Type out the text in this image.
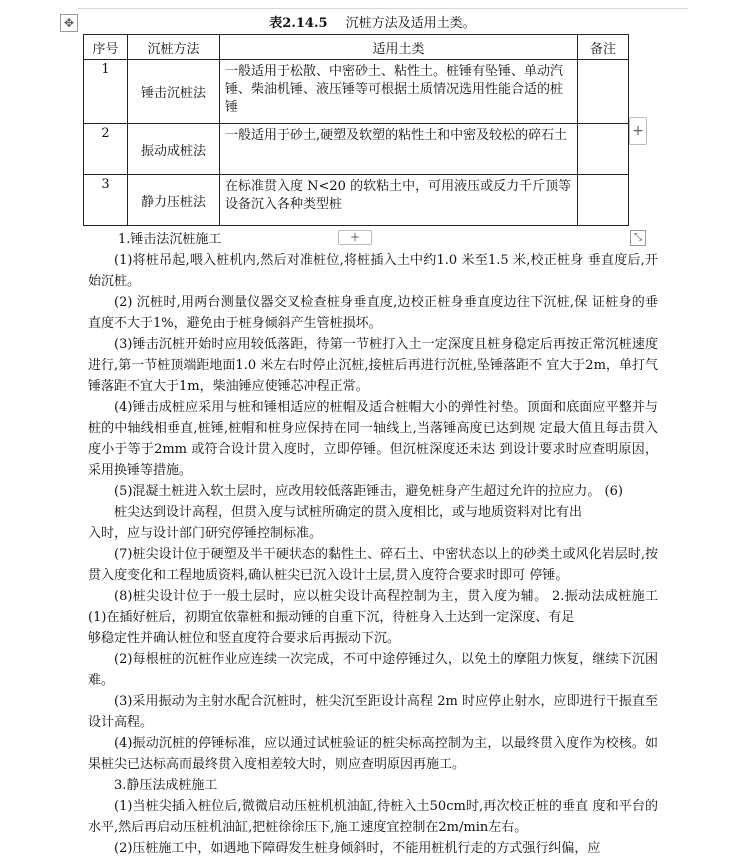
✥	表2.14.5 沉桩方法及适用土类。
序号	沉桩方法	适用土类	备注
1	锤击沉桩法	一般适用于松散、中密砂土、粘性土。桩锤有坠锤、单动汽锤、柴油机锤、液压锤等可根据土质情况选用性能合适的桩锤	
2	振动成桩法	一般适用于砂土,硬塑及软塑的粘性土和中密及较松的碎石土	
3	静力压桩法	在标准贯入度 N<20 的软粘土中，可用液压或反力千斤顶等设备沉入各种类型桩	
+
+	⤡

1.锤击法沉桩施工

(1)将桩吊起,喂入桩机内,然后对准桩位,将桩插入土中约1.0 米至1.5 米,校正桩身 垂直度后,开始沉桩。

(2) 沉桩时,用两台测量仪器交叉检查桩身垂直度,边校正桩身垂直度边往下沉桩,保 证桩身的垂直度不大于1%，避免由于桩身倾斜产生管桩损坏。

(3)锤击沉桩开始时应用较低落距，待第一节桩打入土一定深度且桩身稳定后再按正常沉桩速度进行,第一节桩顶端距地面1.0 米左右时停止沉桩,接桩后再进行沉桩,坠锤落距不 宜大于2m，单打气锤落距不宜大于1m，柴油锤应使锤芯冲程正常。

(4)锤击成桩应采用与桩和锤相适应的桩帽及适合桩帽大小的弹性衬垫。顶面和底面应平整并与桩的中轴线相垂直,桩锤,桩帽和桩身应保持在同一轴线上,当落锤高度已达到规 定最大值且每击贯入度小于等于2mm 或符合设计贯入度时，立即停锤。但沉桩深度还未达 到设计要求时应查明原因，采用换锤等措施。

(5)混凝土桩进入软土层时，应改用较低落距锤击，避免桩身产生超过允许的拉应力。 (6)

桩尖达到设计高程，但贯入度与试桩所确定的贯入度相比，或与地质资料对比有出

入时，应与设计部门研究停锤控制标准。

(7)桩尖设计位于硬塑及半干硬状态的黏性土、碎石土、中密状态以上的砂类土或风化岩层时,按贯入度变化和工程地质资料,确认桩尖已沉入设计土层,贯入度符合要求时即可 停锤。

(8)桩尖设计位于一般土层时，应以桩尖设计高程控制为主，贯入度为辅。 2.振动法成桩施工 (1)在插好桩后，初期宜依靠桩和振动锤的自重下沉，待桩身入土达到一定深度、有足

够稳定性并确认桩位和竖直度符合要求后再振动下沉。

(2)每根桩的沉桩作业应连续一次完成，不可中途停锤过久，以免土的摩阻力恢复，继续下沉困难。

(3)采用振动为主射水配合沉桩时，桩尖沉至距设计高程 2m 时应停止射水，应即进行干振直至设计高程。

(4)振动沉桩的停锤标准，应以通过试桩验证的桩尖标高控制为主，以最终贯入度作为校核。如果桩尖已达标高而最终贯入度相差较大时，则应查明原因再施工。

3.静压法成桩施工

(1)当桩尖插入桩位后,微微启动压桩机机油缸,待桩入土50cm时,再次校正桩的垂直 度和平台的水平,然后再启动压桩机油缸,把桩徐徐压下,施工速度宜控制在2m/min左右。

(2)压桩施工中，如遇地下障碍发生桩身倾斜时，不能用桩机行走的方式强行纠偏，应
